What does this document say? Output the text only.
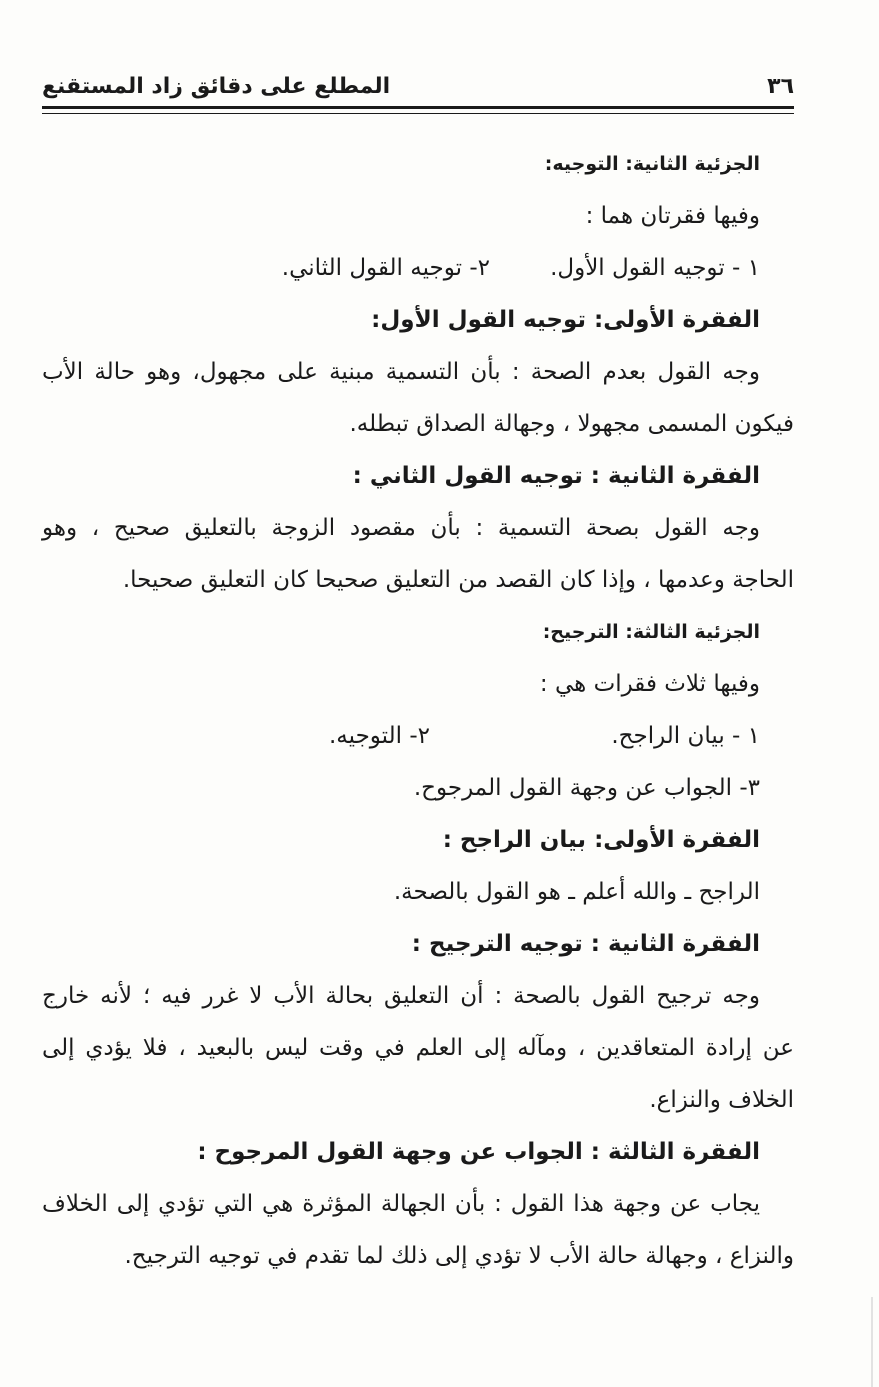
٣٦
المطلع على دقائق زاد المستقنع
الجزئية الثانية: التوجيه:
وفيها فقرتان هما :
١ - توجيه القول الأول.
٢- توجيه القول الثاني.
الفقرة الأولى: توجيه القول الأول:
وجه القول بعدم الصحة : بأن التسمية مبنية على مجهول، وهو حالة الأب
فيكون المسمى مجهولا ، وجهالة الصداق تبطله.
الفقرة الثانية : توجيه القول الثاني :
وجه القول بصحة التسمية : بأن مقصود الزوجة بالتعليق صحيح ، وهو
الحاجة وعدمها ، وإذا كان القصد من التعليق صحيحا كان التعليق صحيحا.
الجزئية الثالثة: الترجيح:
وفيها ثلاث فقرات هي :
١ - بيان الراجح.
٢- التوجيه.
٣- الجواب عن وجهة القول المرجوح.
الفقرة الأولى: بيان الراجح :
الراجح ـ والله أعلم ـ هو القول بالصحة.
الفقرة الثانية : توجيه الترجيح :
وجه ترجيح القول بالصحة : أن التعليق بحالة الأب لا غرر فيه ؛ لأنه خارج
عن إرادة المتعاقدين ، ومآله إلى العلم في وقت ليس بالبعيد ، فلا يؤدي إلى
الخلاف والنزاع.
الفقرة الثالثة : الجواب عن وجهة القول المرجوح :
يجاب عن وجهة هذا القول : بأن الجهالة المؤثرة هي التي تؤدي إلى الخلاف
والنزاع ، وجهالة حالة الأب لا تؤدي إلى ذلك لما تقدم في توجيه الترجيح.
